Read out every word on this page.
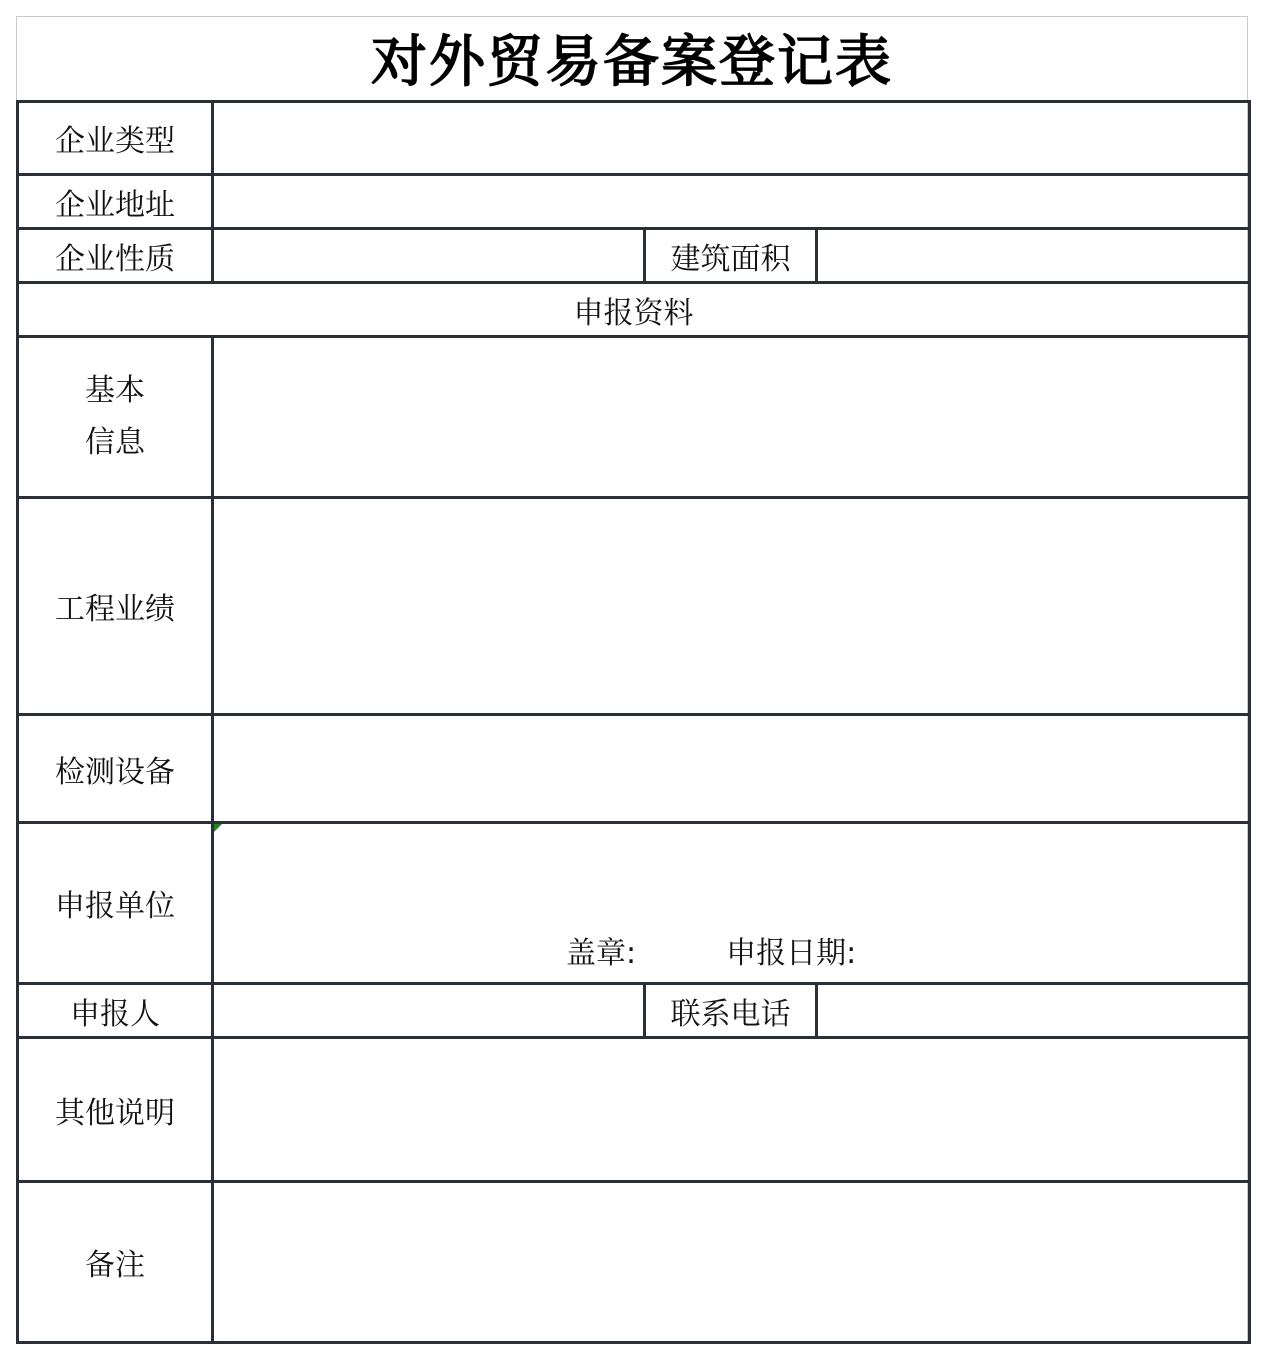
对外贸易备案登记表
企业类型			
企业地址			
企业性质		建筑面积	
申报资料			

基本
信息			

工程业绩			
检测设备			
申报单位	盖章: 申报日期:		

申报人		联系电话	
其他说明			
备注			
